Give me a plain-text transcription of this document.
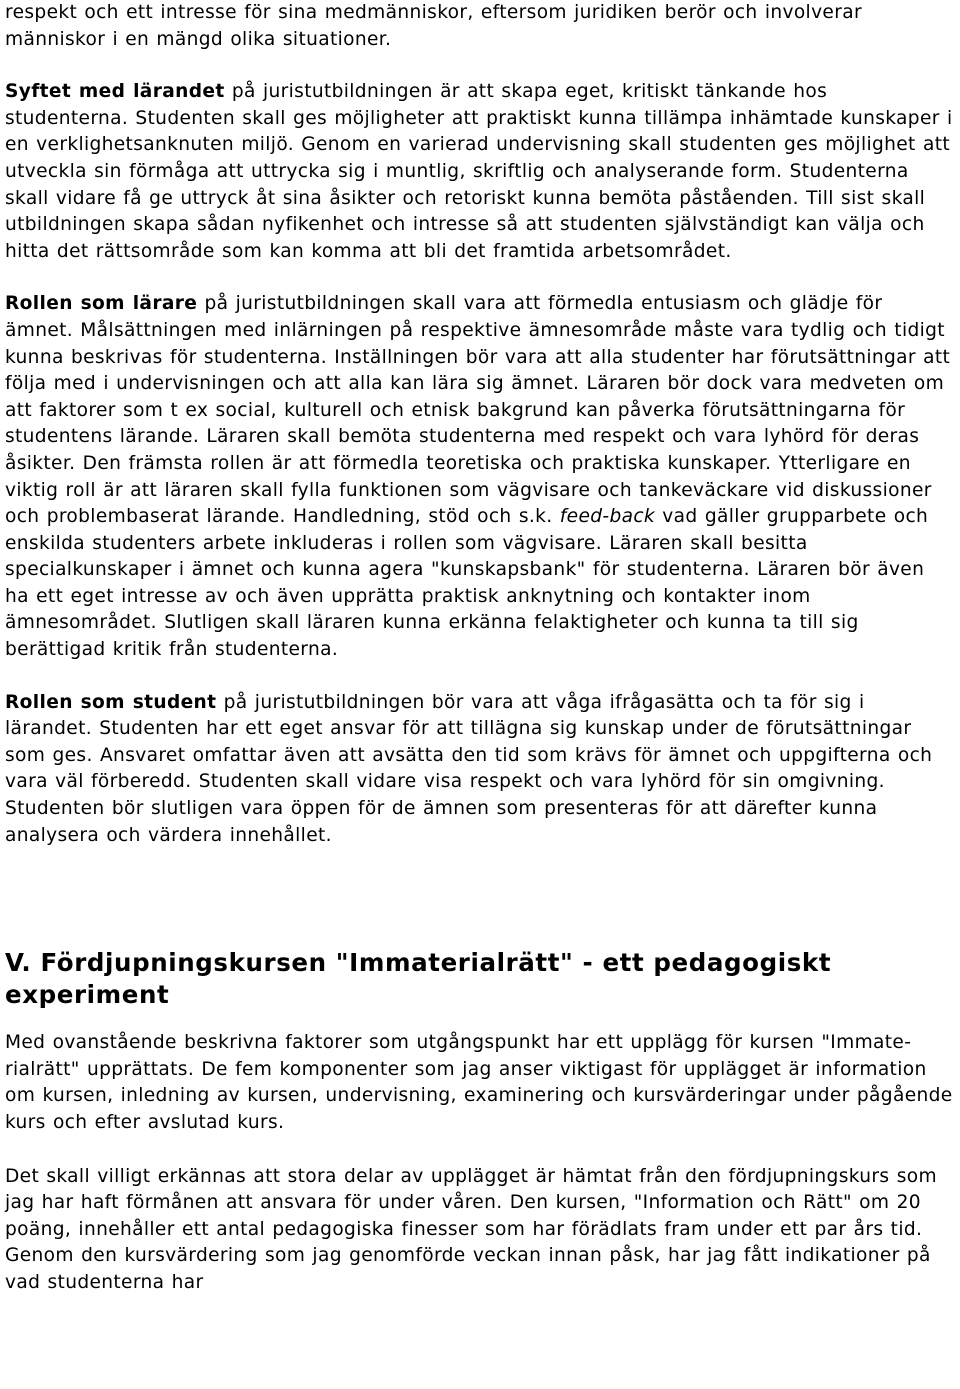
respekt och ett intresse för sina medmänniskor, eftersom juridiken berör och involverar människor i en mängd olika situationer.

Syftet med lärandet på juristutbildningen är att skapa eget, kritiskt tänkande hos studenterna. Studenten skall ges möjligheter att praktiskt kunna tillämpa inhämtade kunskaper i en verklighetsanknuten miljö. Genom en varierad undervisning skall studenten ges möjlighet att utveckla sin förmåga att uttrycka sig i muntlig, skriftlig och analyserande form. Studenterna skall vidare få ge uttryck åt sina åsikter och retoriskt kunna bemöta påståenden. Till sist skall utbildningen skapa sådan nyfikenhet och intresse så att studenten självständigt kan välja och hitta det rättsområde som kan komma att bli det framtida arbetsområdet.

Rollen som lärare på juristutbildningen skall vara att förmedla entusiasm och glädje för ämnet. Målsättningen med inlärningen på respektive ämnesområde måste vara tydlig och tidigt kunna beskrivas för studenterna. Inställningen bör vara att alla studenter har förutsättningar att följa med i undervisningen och att alla kan lära sig ämnet. Läraren bör dock vara medveten om att faktorer som t ex social, kulturell och etnisk bakgrund kan påverka förutsättningarna för studentens lärande. Läraren skall bemöta studenterna med respekt och vara lyhörd för deras åsikter. Den främsta rollen är att förmedla teoretiska och praktiska kunskaper. Ytterligare en viktig roll är att läraren skall fylla funktionen som vägvisare och tankeväckare vid diskussioner och problembaserat lärande. Handledning, stöd och s.k. feed-back vad gäller grupparbete och enskilda studenters arbete inkluderas i rollen som vägvisare. Läraren skall besitta specialkunskaper i ämnet och kunna agera "kunskapsbank" för studenterna. Läraren bör även ha ett eget intresse av och även upprätta praktisk anknytning och kontakter inom ämnesområdet. Slutligen skall läraren kunna erkänna felaktigheter och kunna ta till sig berättigad kritik från studenterna.

Rollen som student på juristutbildningen bör vara att våga ifrågasätta och ta för sig i lärandet. Studenten har ett eget ansvar för att tillägna sig kunskap under de förutsättningar som ges. Ansvaret omfattar även att avsätta den tid som krävs för ämnet och uppgifterna och vara väl förberedd. Studenten skall vidare visa respekt och vara lyhörd för sin omgivning. Studenten bör slutligen vara öppen för de ämnen som presenteras för att därefter kunna analysera och värdera innehållet.

V. Fördjupningskursen "Immaterialrätt" - ett pedagogiskt experiment

Med ovanstående beskrivna faktorer som utgångspunkt har ett upplägg för kursen "Immate-rialrätt" upprättats. De fem komponenter som jag anser viktigast för upplägget är information om kursen, inledning av kursen, undervisning, examinering och kursvärderingar under pågående kurs och efter avslutad kurs.

Det skall villigt erkännas att stora delar av upplägget är hämtat från den fördjupningskurs som jag har haft förmånen att ansvara för under våren. Den kursen, "Information och Rätt" om 20 poäng, innehåller ett antal pedagogiska finesser som har förädlats fram under ett par års tid. Genom den kursvärdering som jag genomförde veckan innan påsk, har jag fått indikationer på vad studenterna har
